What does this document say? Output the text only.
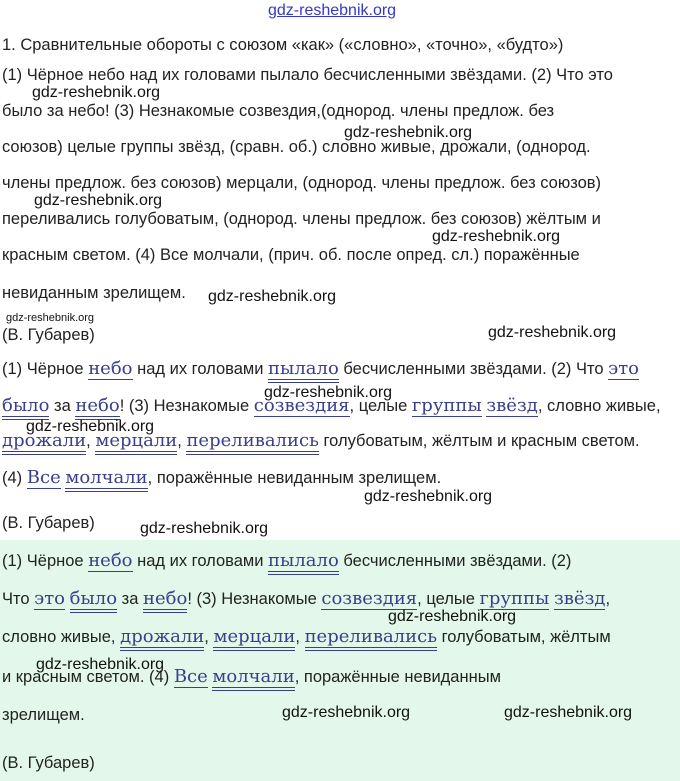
gdz-reshebnik.org
1. Сравнительные обороты с союзом «как» («словно», «точно», «будто»)
(1) Чёрное небо над их головами пылало бесчисленными звёздами. (2) Что это
было за небо! (3) Незнакомые созвездия,(однород. члены предлож. без
союзов) целые группы звёзд, (сравн. об.) словно живые, дрожали, (однород.
члены предлож. без союзов) мерцали, (однород. члены предлож. без союзов)
переливались голубоватым, (однород. члены предлож. без союзов) жёлтым и
красным светом. (4) Все молчали, (прич. об. после опред. сл.) поражённые
невиданным зрелищем.
(В. Губарев)
(1) Чёрное небо над их головами пылало бесчисленными звёздами. (2) Что это
было за небо! (3) Незнакомые созвездия, целые группы звёзд, словно живые,
дрожали, мерцали, переливались голубоватым, жёлтым и красным светом.
(4) Все молчали, поражённые невиданным зрелищем.
(В. Губарев)
(1) Чёрное небо над их головами пылало бесчисленными звёздами. (2)
Что это было за небо! (3) Незнакомые созвездия, целые группы звёзд,
словно живые, дрожали, мерцали, переливались голубоватым, жёлтым
и красным светом. (4) Все молчали, поражённые невиданным
зрелищем.
(В. Губарев)
gdz-reshebnik.org
gdz-reshebnik.org
gdz-reshebnik.org
gdz-reshebnik.org
gdz-reshebnik.org
gdz-reshebnik.org
gdz-reshebnik.org
gdz-reshebnik.org
gdz-reshebnik.org
gdz-reshebnik.org
gdz-reshebnik.org
gdz-reshebnik.org
gdz-reshebnik.org
gdz-reshebnik.org	gdz-reshebnik.org
